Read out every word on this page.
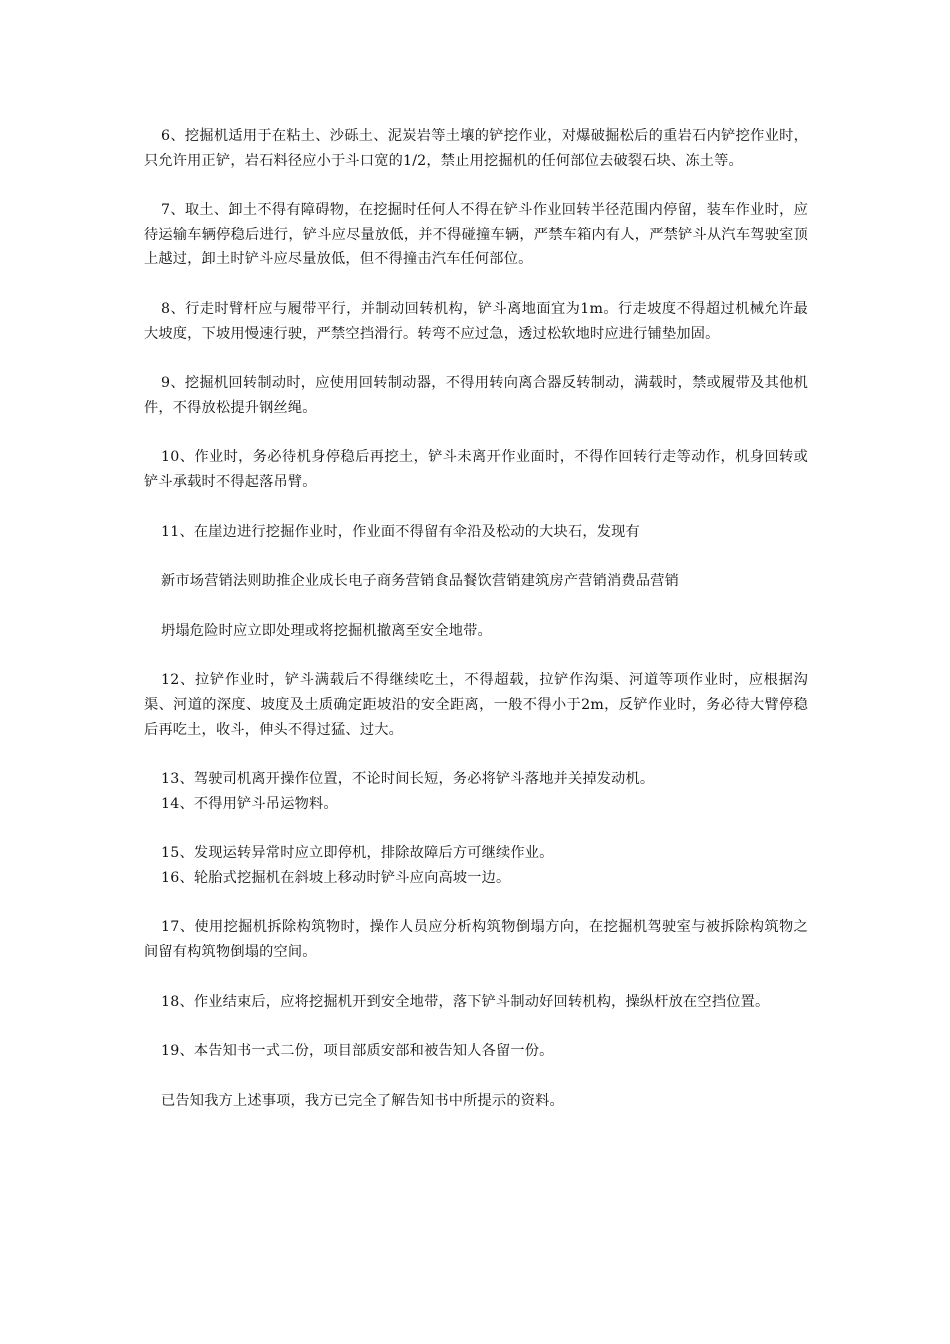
6、挖掘机适用于在粘土、沙砾土、泥炭岩等土壤的铲挖作业，对爆破掘松后的重岩石内铲挖作业时，只允许用正铲，岩石料径应小于斗口宽的1/2，禁止用挖掘机的任何部位去破裂石块、冻土等。

7、取土、卸土不得有障碍物，在挖掘时任何人不得在铲斗作业回转半径范围内停留，装车作业时，应待运输车辆停稳后进行，铲斗应尽量放低，并不得碰撞车辆，严禁车箱内有人，严禁铲斗从汽车驾驶室顶上越过，卸土时铲斗应尽量放低，但不得撞击汽车任何部位。

8、行走时臂杆应与履带平行，并制动回转机构，铲斗离地面宜为1m。行走坡度不得超过机械允许最大坡度，下坡用慢速行驶，严禁空挡滑行。转弯不应过急，透过松软地时应进行铺垫加固。

9、挖掘机回转制动时，应使用回转制动器，不得用转向离合器反转制动，满载时，禁或履带及其他机件，不得放松提升钢丝绳。

10、作业时，务必待机身停稳后再挖土，铲斗未离开作业面时，不得作回转行走等动作，机身回转或铲斗承载时不得起落吊臂。

11、在崖边进行挖掘作业时，作业面不得留有伞沿及松动的大块石，发现有

新市场营销法则助推企业成长电子商务营销食品餐饮营销建筑房产营销消费品营销

坍塌危险时应立即处理或将挖掘机撤离至安全地带。

12、拉铲作业时，铲斗满载后不得继续吃土，不得超载，拉铲作沟渠、河道等项作业时，应根据沟渠、河道的深度、坡度及土质确定距坡沿的安全距离，一般不得小于2m，反铲作业时，务必待大臂停稳后再吃土，收斗，伸头不得过猛、过大。

13、驾驶司机离开操作位置，不论时间长短，务必将铲斗落地并关掉发动机。

14、不得用铲斗吊运物料。

15、发现运转异常时应立即停机，排除故障后方可继续作业。

16、轮胎式挖掘机在斜坡上移动时铲斗应向高坡一边。

17、使用挖掘机拆除构筑物时，操作人员应分析构筑物倒塌方向，在挖掘机驾驶室与被拆除构筑物之间留有构筑物倒塌的空间。

18、作业结束后，应将挖掘机开到安全地带，落下铲斗制动好回转机构，操纵杆放在空挡位置。

19、本告知书一式二份，项目部质安部和被告知人各留一份。

已告知我方上述事项，我方已完全了解告知书中所提示的资料。
